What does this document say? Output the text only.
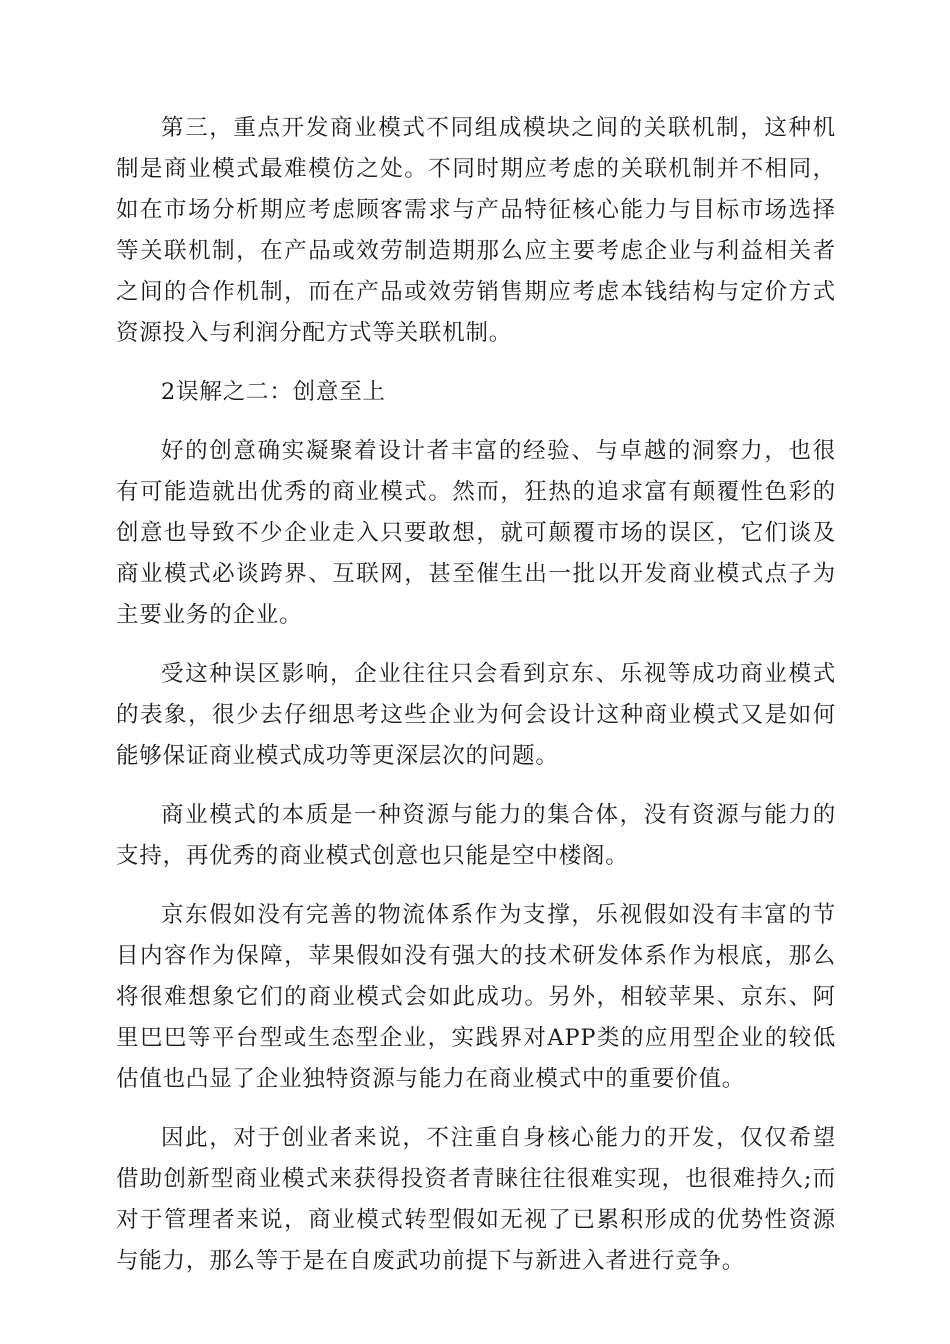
第三，重点开发商业模式不同组成模块之间的关联机制，这种机制是商业模式最难模仿之处。不同时期应考虑的关联机制并不相同，如在市场分析期应考虑顾客需求与产品特征核心能力与目标市场选择等关联机制，在产品或效劳制造期那么应主要考虑企业与利益相关者之间的合作机制，而在产品或效劳销售期应考虑本钱结构与定价方式资源投入与利润分配方式等关联机制。

2误解之二：创意至上

好的创意确实凝聚着设计者丰富的经验、与卓越的洞察力，也很有可能造就出优秀的商业模式。然而，狂热的追求富有颠覆性色彩的创意也导致不少企业走入只要敢想，就可颠覆市场的误区，它们谈及商业模式必谈跨界、互联网，甚至催生出一批以开发商业模式点子为主要业务的企业。

受这种误区影响，企业往往只会看到京东、乐视等成功商业模式的表象，很少去仔细思考这些企业为何会设计这种商业模式又是如何能够保证商业模式成功等更深层次的问题。

商业模式的本质是一种资源与能力的集合体，没有资源与能力的支持，再优秀的商业模式创意也只能是空中楼阁。

京东假如没有完善的物流体系作为支撑，乐视假如没有丰富的节目内容作为保障，苹果假如没有强大的技术研发体系作为根底，那么将很难想象它们的商业模式会如此成功。另外，相较苹果、京东、阿里巴巴等平台型或生态型企业，实践界对APP类的应用型企业的较低估值也凸显了企业独特资源与能力在商业模式中的重要价值。

因此，对于创业者来说，不注重自身核心能力的开发，仅仅希望借助创新型商业模式来获得投资者青睐往往很难实现，也很难持久;而对于管理者来说，商业模式转型假如无视了已累积形成的优势性资源与能力，那么等于是在自废武功前提下与新进入者进行竞争。
